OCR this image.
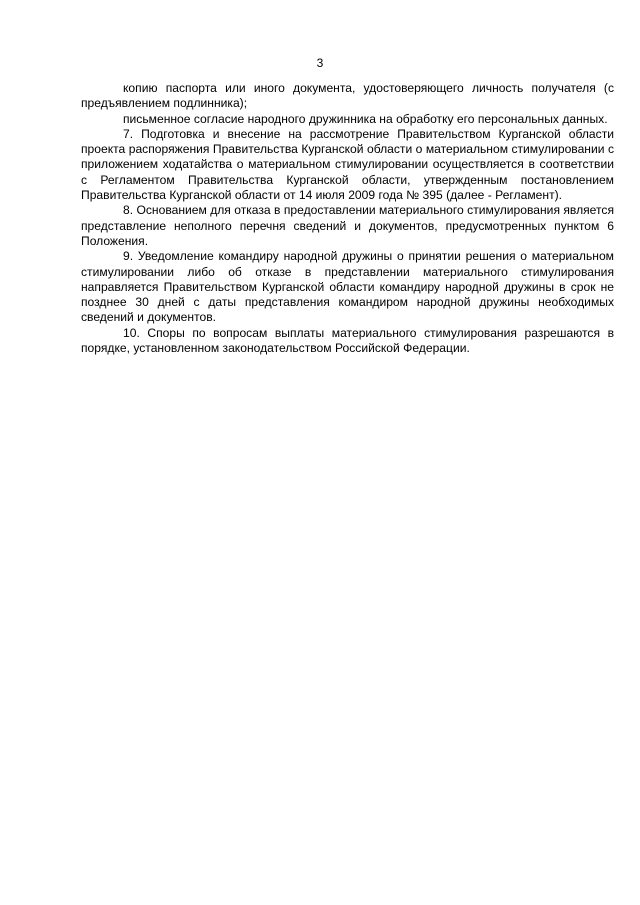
3

копию паспорта или иного документа, удостоверяющего личность получателя (с предъявлением подлинника);

письменное согласие народного дружинника на обработку его персональных данных.

7. Подготовка и внесение на рассмотрение Правительством Курганской области проекта распоряжения Правительства Курганской области о материальном стимулировании с приложением ходатайства о материальном стимулировании осуществляется в соответствии с Регламентом Правительства Курганской области, утвержденным постановлением Правительства Курганской области от 14 июля 2009 года № 395 (далее - Регламент).

8. Основанием для отказа в предоставлении материального стимулирования является представление неполного перечня сведений и документов, предусмотренных пунктом 6 Положения.

9. Уведомление командиру народной дружины о принятии решения о материальном стимулировании либо об отказе в представлении материального стимулирования направляется Правительством Курганской области командиру народной дружины в срок не позднее 30 дней с даты представления командиром народной дружины необходимых сведений и документов.

10. Споры по вопросам выплаты материального стимулирования разрешаются в порядке, установленном законодательством Российской Федерации.
